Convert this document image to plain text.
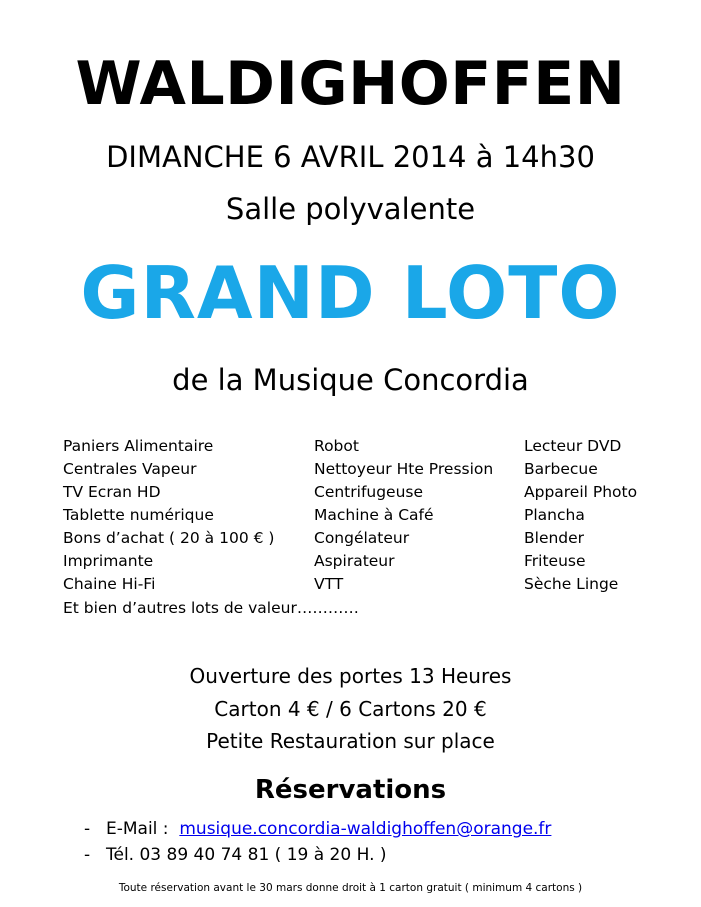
WALDIGHOFFEN
DIMANCHE 6 AVRIL 2014 à 14h30
Salle polyvalente
GRAND LOTO
de la Musique Concordia
Paniers Alimentaire
Centrales Vapeur
TV Ecran HD
Tablette numérique
Bons d’achat ( 20 à 100 € )
Imprimante
Chaine Hi-Fi
Robot
Nettoyeur Hte Pression
Centrifugeuse
Machine à Café
Congélateur
Aspirateur
VTT
Lecteur DVD
Barbecue
Appareil Photo
Plancha
Blender
Friteuse
Sèche Linge
Et bien d’autres lots de valeur…………
Ouverture des portes 13 Heures
Carton 4 € / 6 Cartons 20 €
Petite Restauration sur place
Réservations
- E-Mail : musique.concordia-waldighoffen@orange.fr
- Tél. 03 89 40 74 81 ( 19 à 20 H. )
Toute réservation avant le 30 mars donne droit à 1 carton gratuit ( minimum 4 cartons )
